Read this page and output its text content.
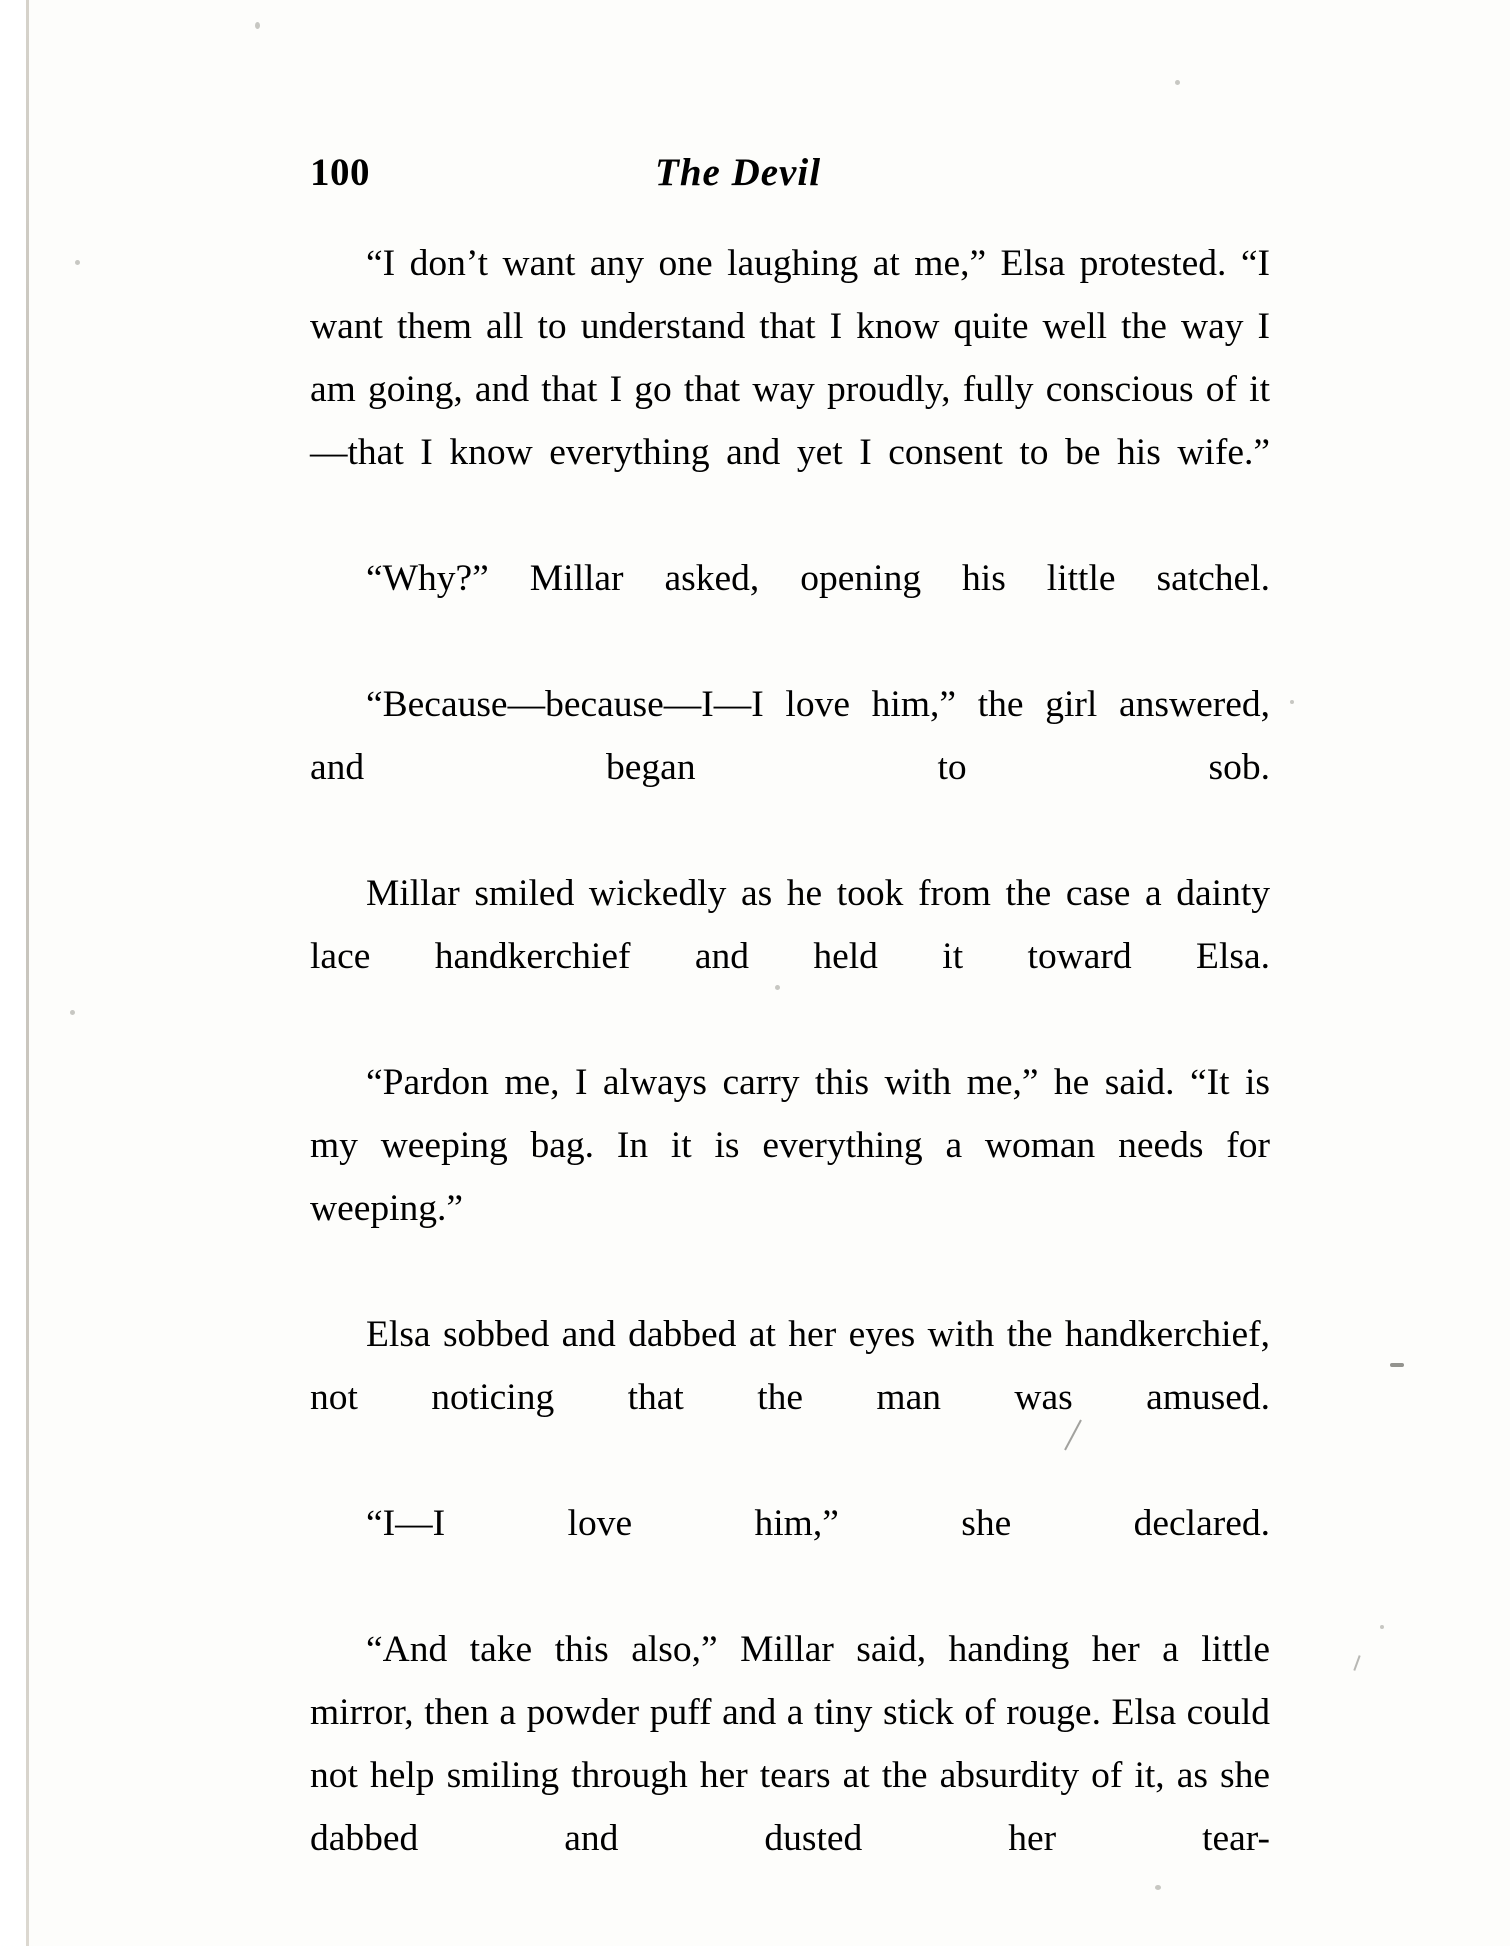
100	The Devil

“I don’t want any one laughing at me,” Elsa protested. “I want them all to understand that I know quite well the way I am going, and that I go that way proudly, fully conscious of it—that I know everything and yet I consent to be his wife.”

“Why?” Millar asked, opening his little satchel.

“Because—because—I—I love him,” the girl answered, and began to sob.

Millar smiled wickedly as he took from the case a dainty lace handkerchief and held it toward Elsa.

“Pardon me, I always carry this with me,” he said. “It is my weeping bag. In it is everything a woman needs for weeping.”

Elsa sobbed and dabbed at her eyes with the handkerchief, not noticing that the man was amused.

“I—I love him,” she declared.

“And take this also,” Millar said, handing her a little mirror, then a powder puff and a tiny stick of rouge. Elsa could not help smiling through her tears at the absurdity of it, as she dabbed and dusted her tear-
